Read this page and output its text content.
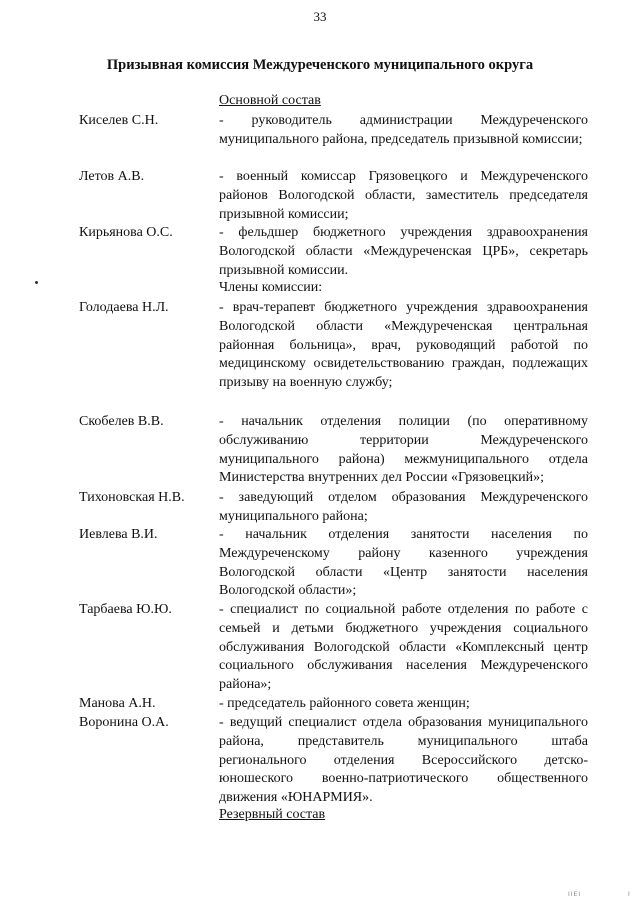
33
Призывная комиссия Междуреченского муниципального округа
Основной состав
Киселев С.Н.	- руководитель администрации Междуреченского муниципального района, председатель призывной комиссии;
Летов А.В.	- военный комиссар Грязовецкого и Междуреченского районов Вологодской области, заместитель председателя призывной комиссии;
Кирьянова О.С.	- фельдшер бюджетного учреждения здравоохранения Вологодской области «Междуреченская ЦРБ», секретарь призывной комиссии.
Члены комиссии:
Голодаева Н.Л.	- врач-терапевт бюджетного учреждения здравоохранения Вологодской области «Междуреченская центральная районная больница», врач, руководящий работой по медицинскому освидетельствованию граждан, подлежащих призыву на военную службу;
Скобелев В.В.	- начальник отделения полиции (по оперативному обслуживанию территории Междуреченского муниципального района) межмуниципального отдела Министерства внутренних дел России «Грязовецкий»;
Тихоновская Н.В. - заведующий отделом образования Междуреченского муниципального района;
Иевлева В.И.	- начальник отделения занятости населения по Междуреченскому району казенного учреждения Вологодской области «Центр занятости населения Вологодской области»;
Тарбаева Ю.Ю.	- специалист по социальной работе отделения по работе с семьей и детьми бюджетного учреждения социального обслуживания Вологодской области «Комплексный центр социального обслуживания населения Междуреченского района»;
Манова А.Н.	- председатель районного совета женщин;
Воронина О.А.	- ведущий специалист отдела образования муниципального района, представитель муниципального штаба регионального отделения Всероссийского детско-юношеского военно-патриотического общественного движения «ЮНАРМИЯ».
Резервный состав
ІІЕІ	І
